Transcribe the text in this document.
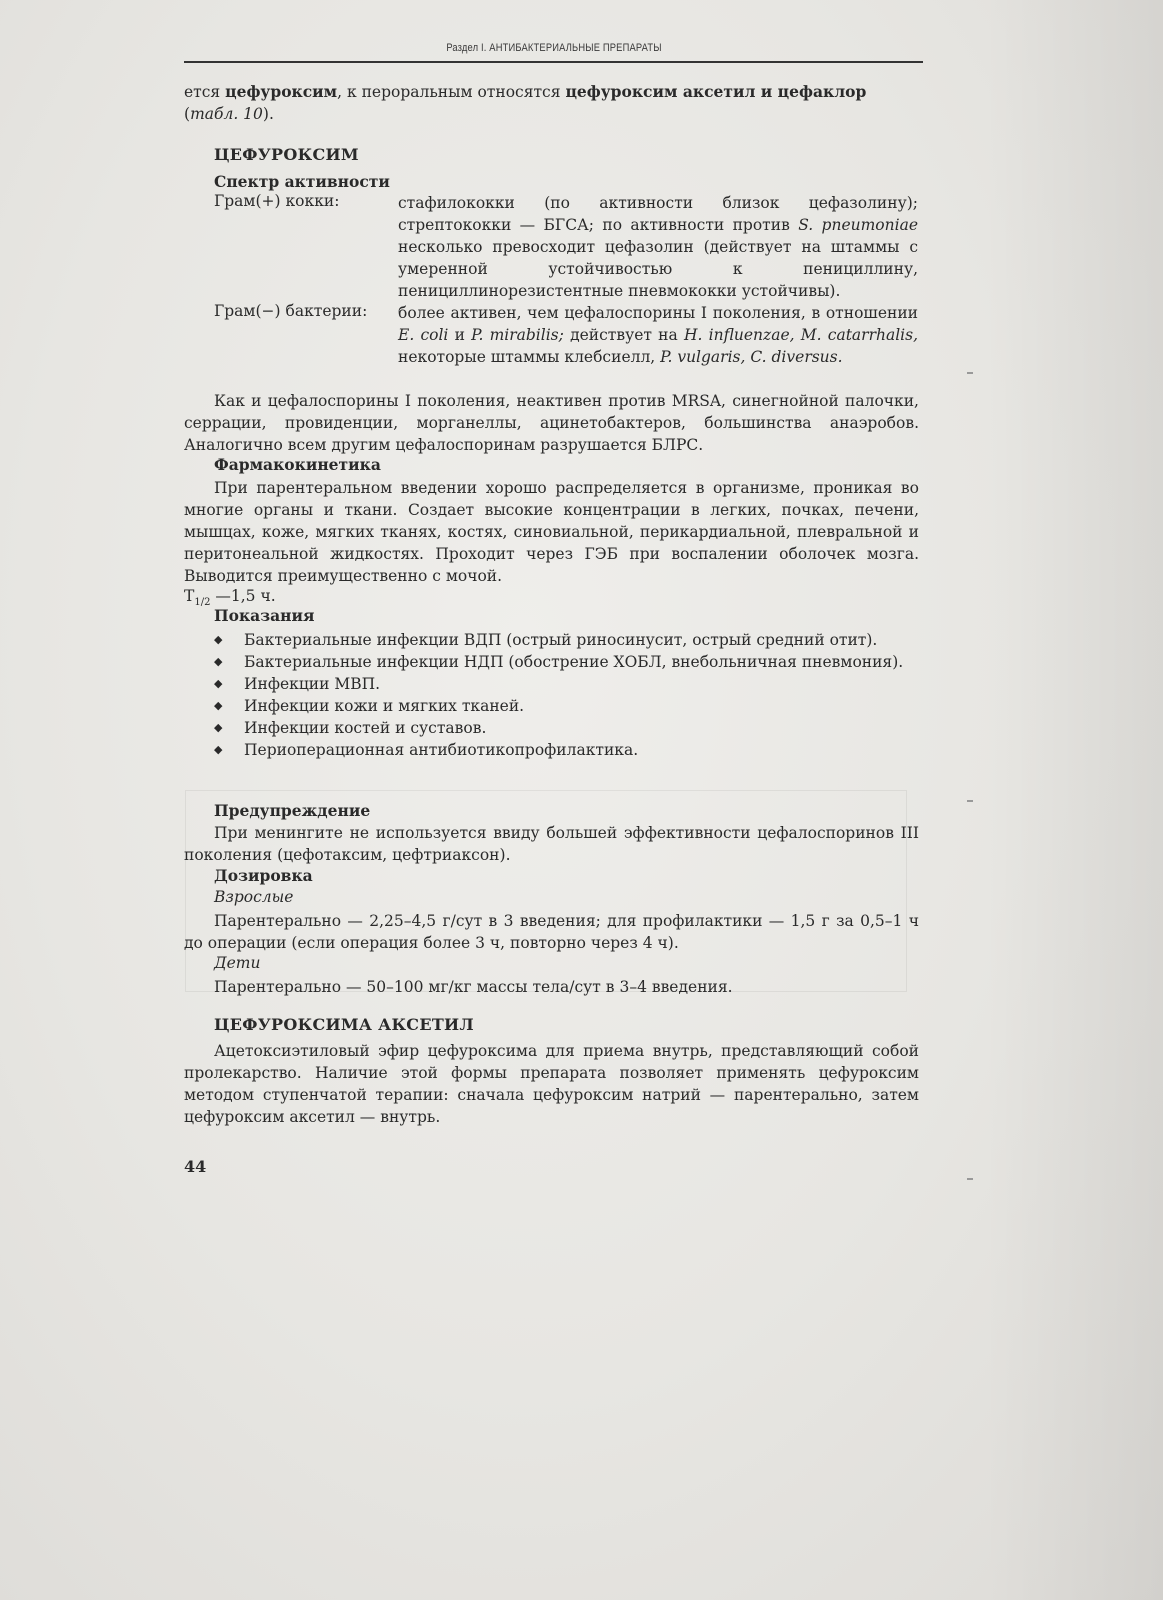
Раздел I. АНТИБАКТЕРИАЛЬНЫЕ ПРЕПАРАТЫ
ется цефуроксим, к пероральным относятся цефуроксим аксетил и цефаклор
(табл. 10).
ЦЕФУРОКСИМ
Спектр активности
Грам(+) кокки:	стафилококки (по активности близок цефазолину); стрептококки — БГСА; по активности против S. pneumoniae несколько превосходит цефазолин (действует на штаммы с умеренной устойчивостью к пенициллину, пенициллинорезистентные пневмококки устойчивы).
Грам(−) бактерии: более активен, чем цефалоспорины I поколения, в отношении E. coli и P. mirabilis; действует на H. influenzae, M. catarrhalis, некоторые штаммы клебсиелл, P. vulgaris, C. diversus.
Как и цефалоспорины I поколения, неактивен против MRSA, синегнойной палочки, серрации, провиденции, морганеллы, ацинетобактеров, большинства анаэробов. Аналогично всем другим цефалоспоринам разрушается БЛРС.
Фармакокинетика
При парентеральном введении хорошо распределяется в организме, проникая во многие органы и ткани. Создает высокие концентрации в легких, почках, печени, мышцах, коже, мягких тканях, костях, синовиальной, перикардиальной, плевральной и перитонеальной жидкостях. Проходит через ГЭБ при воспалении оболочек мозга. Выводится преимущественно с мочой.
$T_{1/2}$ —1,5 ч.
Показания
◆ Бактериальные инфекции ВДП (острый риносинусит, острый средний отит).
◆ Бактериальные инфекции НДП (обострение ХОБЛ, внебольничная пневмония).
◆ Инфекции МВП.
◆ Инфекции кожи и мягких тканей.
◆ Инфекции костей и суставов.
◆ Периоперационная антибиотикопрофилактика.
Предупреждение
При менингите не используется ввиду большей эффективности цефалоспоринов III поколения (цефотаксим, цефтриаксон).
Дозировка
Взрослые
Парентерально — 2,25–4,5 г/сут в 3 введения; для профилактики — 1,5 г за 0,5–1 ч до операции (если операция более 3 ч, повторно через 4 ч).
Дети
Парентерально — 50–100 мг/кг массы тела/сут в 3–4 введения.
ЦЕФУРОКСИМА АКСЕТИЛ
Ацетоксиэтиловый эфир цефуроксима для приема внутрь, представляющий собой пролекарство. Наличие этой формы препарата позволяет применять цефуроксим методом ступенчатой терапии: сначала цефуроксим натрий — парентерально, затем цефуроксим аксетил — внутрь.
44
